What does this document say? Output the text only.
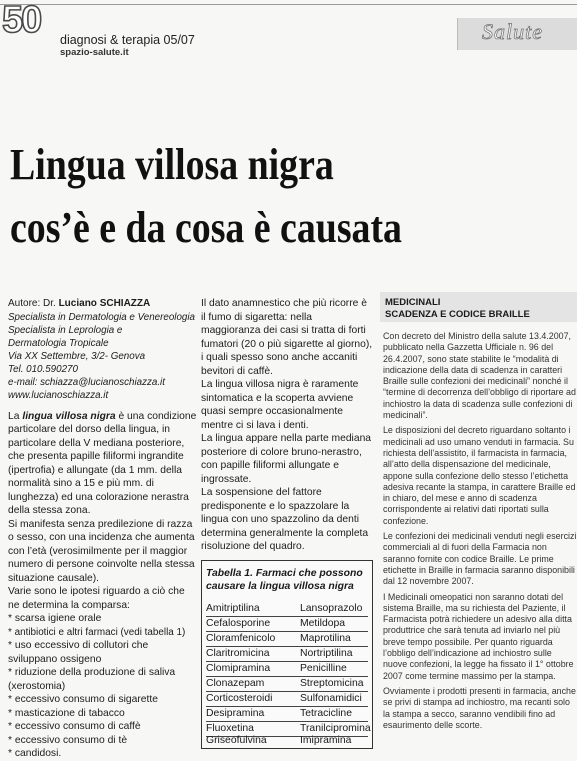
50 diagnosi & terapia 05/07
spazio-salute.it
Salute
Lingua villosa nigra
cos’è e da cosa è causata
Autore: Dr. Luciano SCHIAZZA
Specialista in Dermatologia e Venereologia
Specialista in Leprologia e
Dermatologia Tropicale
Via XX Settembre, 3/2- Genova
Tel. 010.590270
e-mail: schiazza@lucianoschiazza.it
www.lucianoschiazza.it

La lingua villosa nigra è una condizione particolare del dorso della lingua, in particolare della V mediana posteriore, che presenta papille filiformi ingrandite (ipertrofia) e allungate (da 1 mm. della normalità sino a 15 e più mm. di lunghezza) ed una colorazione nerastra della stessa zona.

Si manifesta senza predilezione di razza o sesso, con una incidenza che aumenta con l’età (verosimilmente per il maggior numero di persone coinvolte nella stessa situazione causale).

Varie sono le ipotesi riguardo a ciò che ne determina la comparsa:

* scarsa igiene orale
* antibiotici e altri farmaci (vedi tabella 1)
* uso eccessivo di collutori che sviluppano ossigeno
* riduzione della produzione di saliva (xerostomia)
* eccessivo consumo di sigarette
* masticazione di tabacco
* eccessivo consumo di caffè
* eccessivo consumo di tè
* candidosi.

Il dato anamnestico che più ricorre è il fumo di sigaretta: nella maggioranza dei casi si tratta di forti fumatori (20 o più sigarette al giorno), i quali spesso sono anche accaniti bevitori di caffè.

La lingua villosa nigra è raramente sintomatica e la scoperta avviene quasi sempre occasionalmente mentre ci si lava i denti.

La lingua appare nella parte mediana posteriore di colore bruno-nerastro, con papille filiformi allungate e ingrossate.

La sospensione del fattore predisponente e lo spazzolare la lingua con uno spazzolino da denti determina generalmente la completa risoluzione del quadro.

Tabella 1. Farmaci che possono causare la lingua villosa nigra
Amitriptilina	Lansoprazolo
Cefalosporine	Metildopa
Cloramfenicolo Maprotilina
Claritromicina	Nortriptilina
Clomipramina	Penicilline
Clonazepam	Streptomicina
Corticosteroidi	Sulfonamidici
Desipramina	Tetracicline
Fluoxetina	Tranilcipromina
Griseofulvina	Imipramina
MEDICINALI
SCADENZA E CODICE BRAILLE

Con decreto del Ministro della salute 13.4.2007, pubblicato nella Gazzetta Ufficiale n. 96 del 26.4.2007, sono state stabilite le “modalità di indicazione della data di scadenza in caratteri Braille sulle confezioni dei medicinali” nonché il “termine di decorrenza dell’obbligo di riportare ad inchiostro la data di scadenza sulle confezioni di medicinali”.

Le disposizioni del decreto riguardano soltanto i medicinali ad uso umano venduti in farmacia. Su richiesta dell’assistito, il farmacista in farmacia, all’atto della dispensazione del medicinale, appone sulla confezione dello stesso l’etichetta adesiva recante la stampa, in carattere Braille ed in chiaro, del mese e anno di scadenza corrispondente ai relativi dati riportati sulla confezione.

Le confezioni dei medicinali venduti negli esercizi commerciali al di fuori della Farmacia non saranno fornite con codice Braille. Le prime etichette in Braille in farmacia saranno disponibili dal 12 novembre 2007.

I Medicinali omeopatici non saranno dotati del sistema Braille, ma su richiesta del Paziente, il Farmacista potrà richiedere un adesivo alla ditta produttrice che sarà tenuta ad inviarlo nel più breve tempo possibile. Per quanto riguarda l’obbligo dell’indicazione ad inchiostro sulle nuove confezioni, la legge ha fissato il 1° ottobre 2007 come termine massimo per la stampa.

Ovviamente i prodotti presenti in farmacia, anche se privi di stampa ad inchiostro, ma recanti solo la stampa a secco, saranno vendibili fino ad esaurimento delle scorte.
